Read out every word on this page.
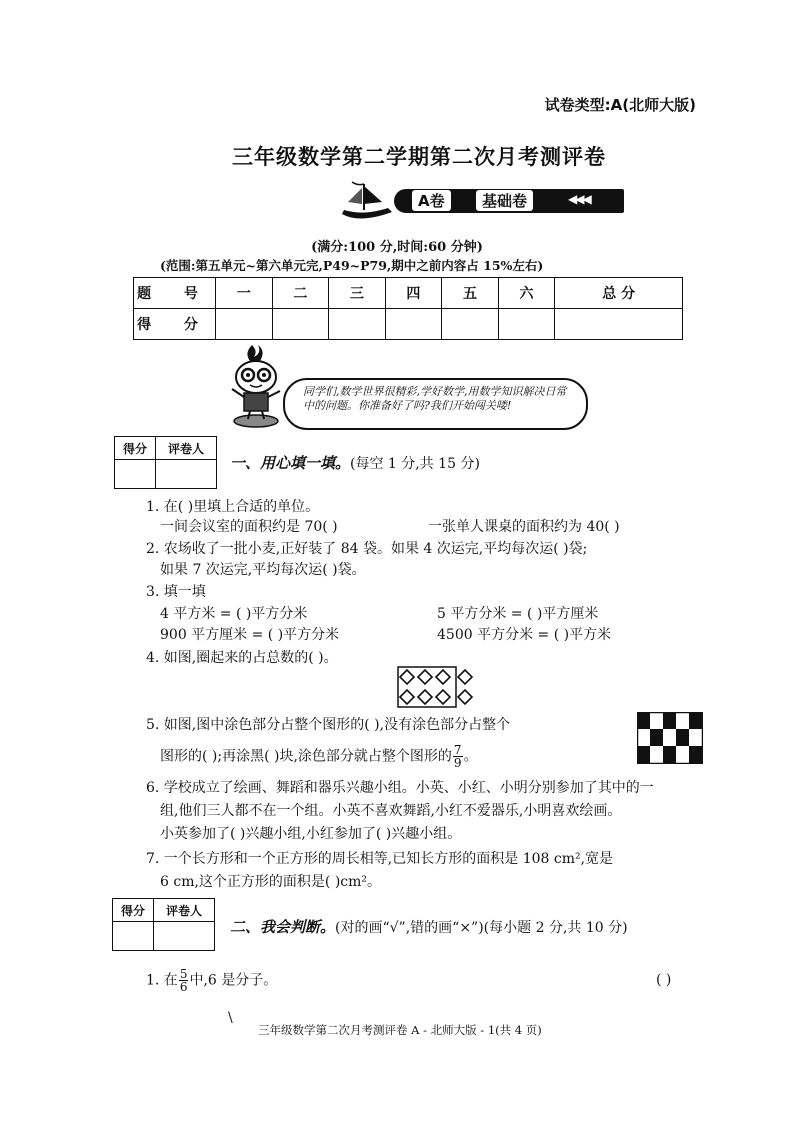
试卷类型:A(北师大版)
三年级数学第二学期第二次月考测评卷
A卷	基础卷	◀◀◀
(满分:100 分,时间:60 分钟)
(范围:第五单元~第六单元完,P49~P79,期中之前内容占 15%左右)
题 号	一	二	三	四	五	六	总 分
得 分							
同学们,数学世界很精彩,学好数学,用数学知识解决日常中的问题。你准备好了吗?我们开始闯关喽!
得分	评卷人

一、用心填一填。(每空 1 分,共 15 分)
1. 在( )里填上合适的单位。
一间会议室的面积约是 70( )	一张单人课桌的面积约为 40( )
2. 农场收了一批小麦,正好装了 84 袋。如果 4 次运完,平均每次运( )袋;
如果 7 次运完,平均每次运( )袋。
3. 填一填
4 平方米 = ( )平方分米	5 平方分米 = ( )平方厘米
900 平方厘米 = ( )平方分米	4500 平方分米 = ( )平方米
4. 如图,圈起来的占总数的( )。
5. 如图,图中涂色部分占整个图形的( ),没有涂色部分占整个
图形的( );再涂黑( )块,涂色部分就占整个图形的 $\frac{7}{9}$ 。
6. 学校成立了绘画、舞蹈和器乐兴趣小组。小英、小红、小明分别参加了其中的一
组,他们三人都不在一个组。小英不喜欢舞蹈,小红不爱器乐,小明喜欢绘画。
小英参加了( )兴趣小组,小红参加了( )兴趣小组。
7. 一个长方形和一个正方形的周长相等,已知长方形的面积是 108 cm²,宽是
6 cm,这个正方形的面积是( )cm²。
得分	评卷人

二、我会判断。(对的画“√”,错的画“×”)(每小题 2 分,共 10 分)
1. 在 $\frac{5}{6}$ 中,6 是分子。	( )
\
三年级数学第二次月考测评卷 A - 北师大版 - 1(共 4 页)
